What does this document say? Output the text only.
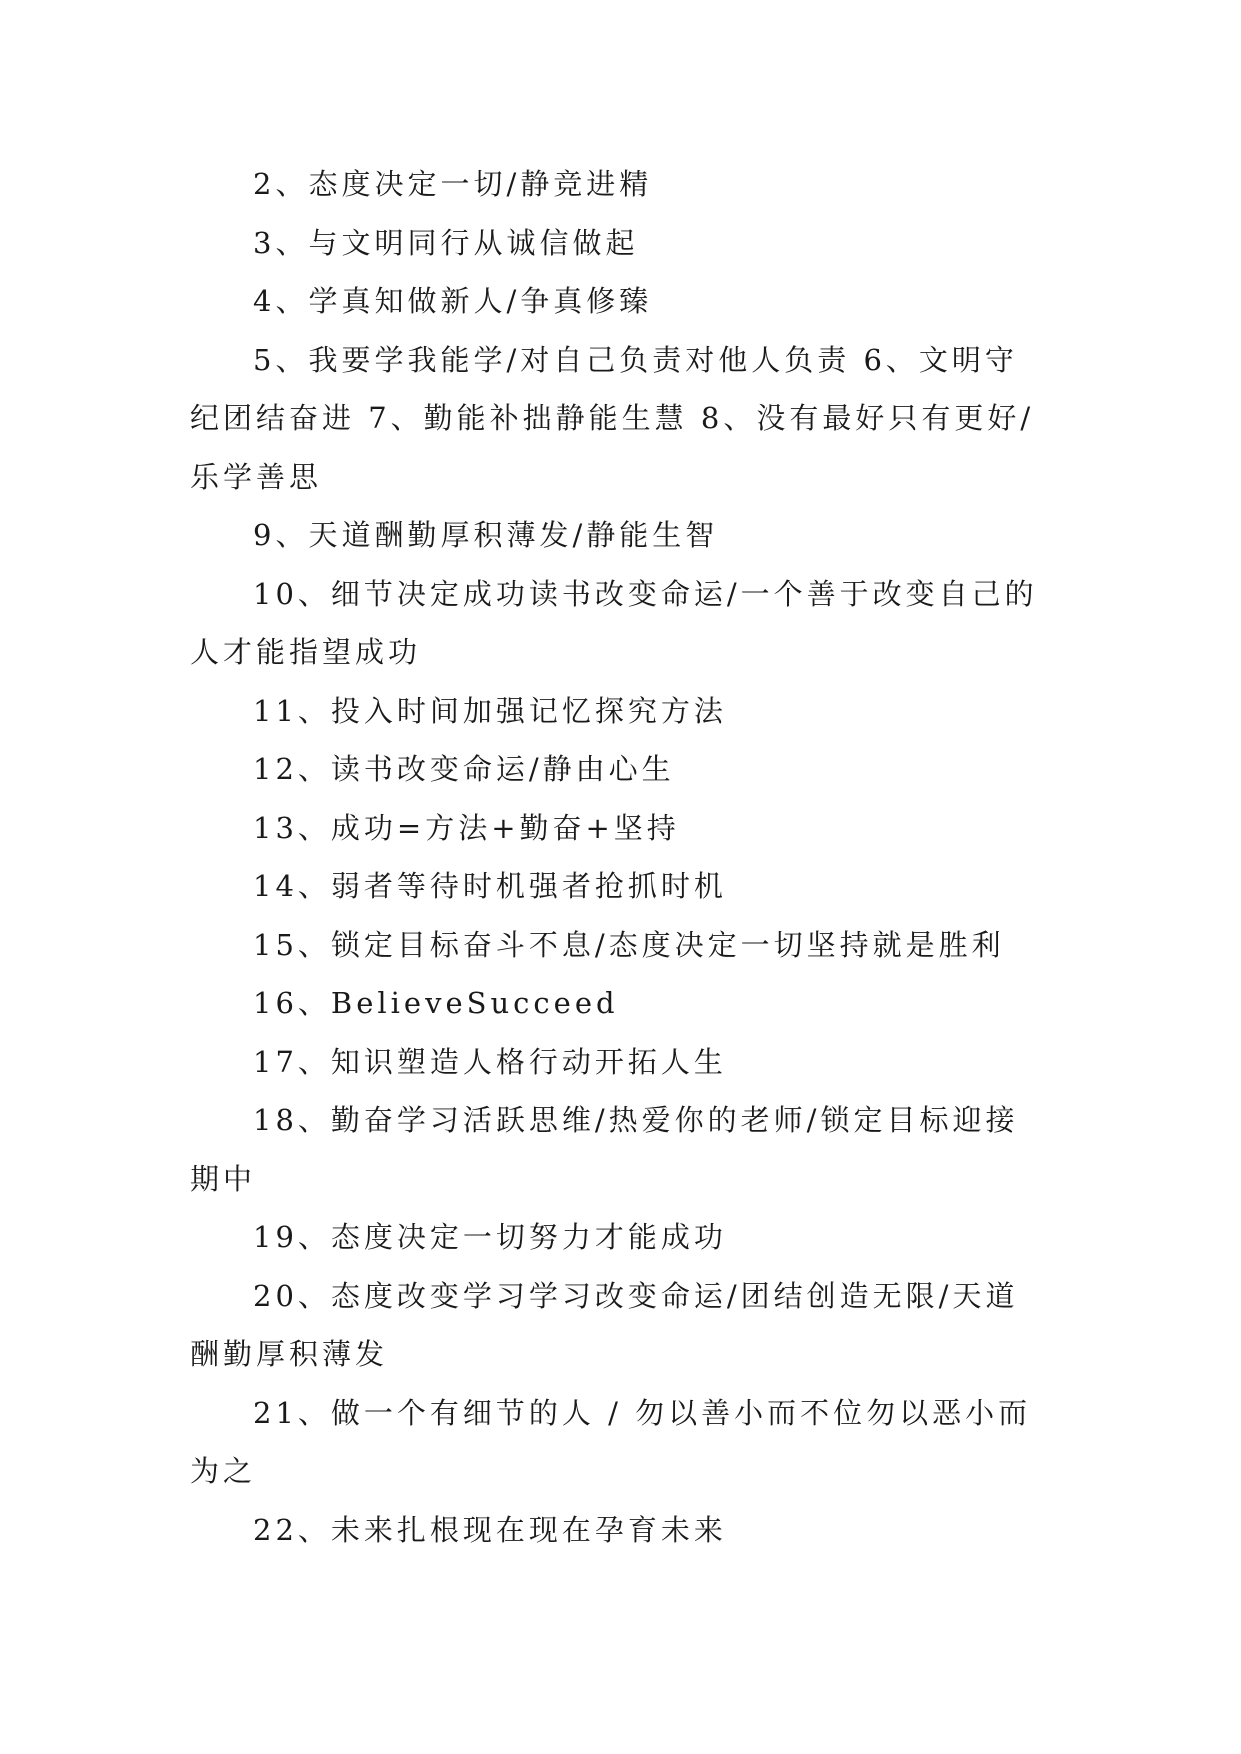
2、态度决定一切/静竞进精

3、与文明同行从诚信做起

4、学真知做新人/争真修臻

5、我要学我能学/对自己负责对他人负责 6、文明守纪团结奋进 7、勤能补拙静能生慧 8、没有最好只有更好/乐学善思

9、天道酬勤厚积薄发/静能生智

10、细节决定成功读书改变命运/一个善于改变自己的人才能指望成功

11、投入时间加强记忆探究方法

12、读书改变命运/静由心生

13、成功=方法+勤奋+坚持

14、弱者等待时机强者抢抓时机

15、锁定目标奋斗不息/态度决定一切坚持就是胜利

16、BelieveSucceed

17、知识塑造人格行动开拓人生

18、勤奋学习活跃思维/热爱你的老师/锁定目标迎接期中

19、态度决定一切努力才能成功

20、态度改变学习学习改变命运/团结创造无限/天道酬勤厚积薄发

21、做一个有细节的人 / 勿以善小而不位勿以恶小而为之

22、未来扎根现在现在孕育未来
